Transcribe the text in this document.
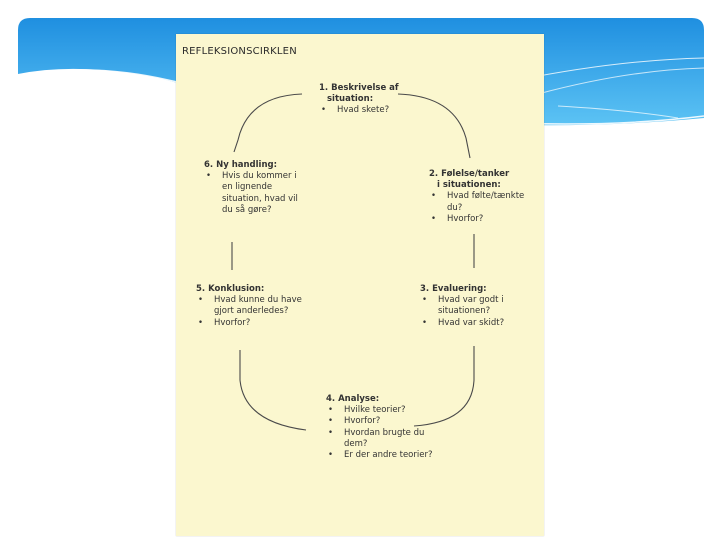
REFLEKSIONSCIRKLEN
1. Beskrivelse af
situation:
• Hvad skete?
2. Følelse/tanker
i situationen:
• Hvad følte/tænkte du?
• Hvorfor?
3. Evaluering:
• Hvad var godt i situationen?
• Hvad var skidt?
4. Analyse:
• Hvilke teorier?
• Hvorfor?
• Hvordan brugte du dem?
• Er der andre teorier?
5. Konklusion:
• Hvad kunne du have gjort anderledes?
• Hvorfor?
6. Ny handling:
• Hvis du kommer i en lignende situation, hvad vil du så gøre?
